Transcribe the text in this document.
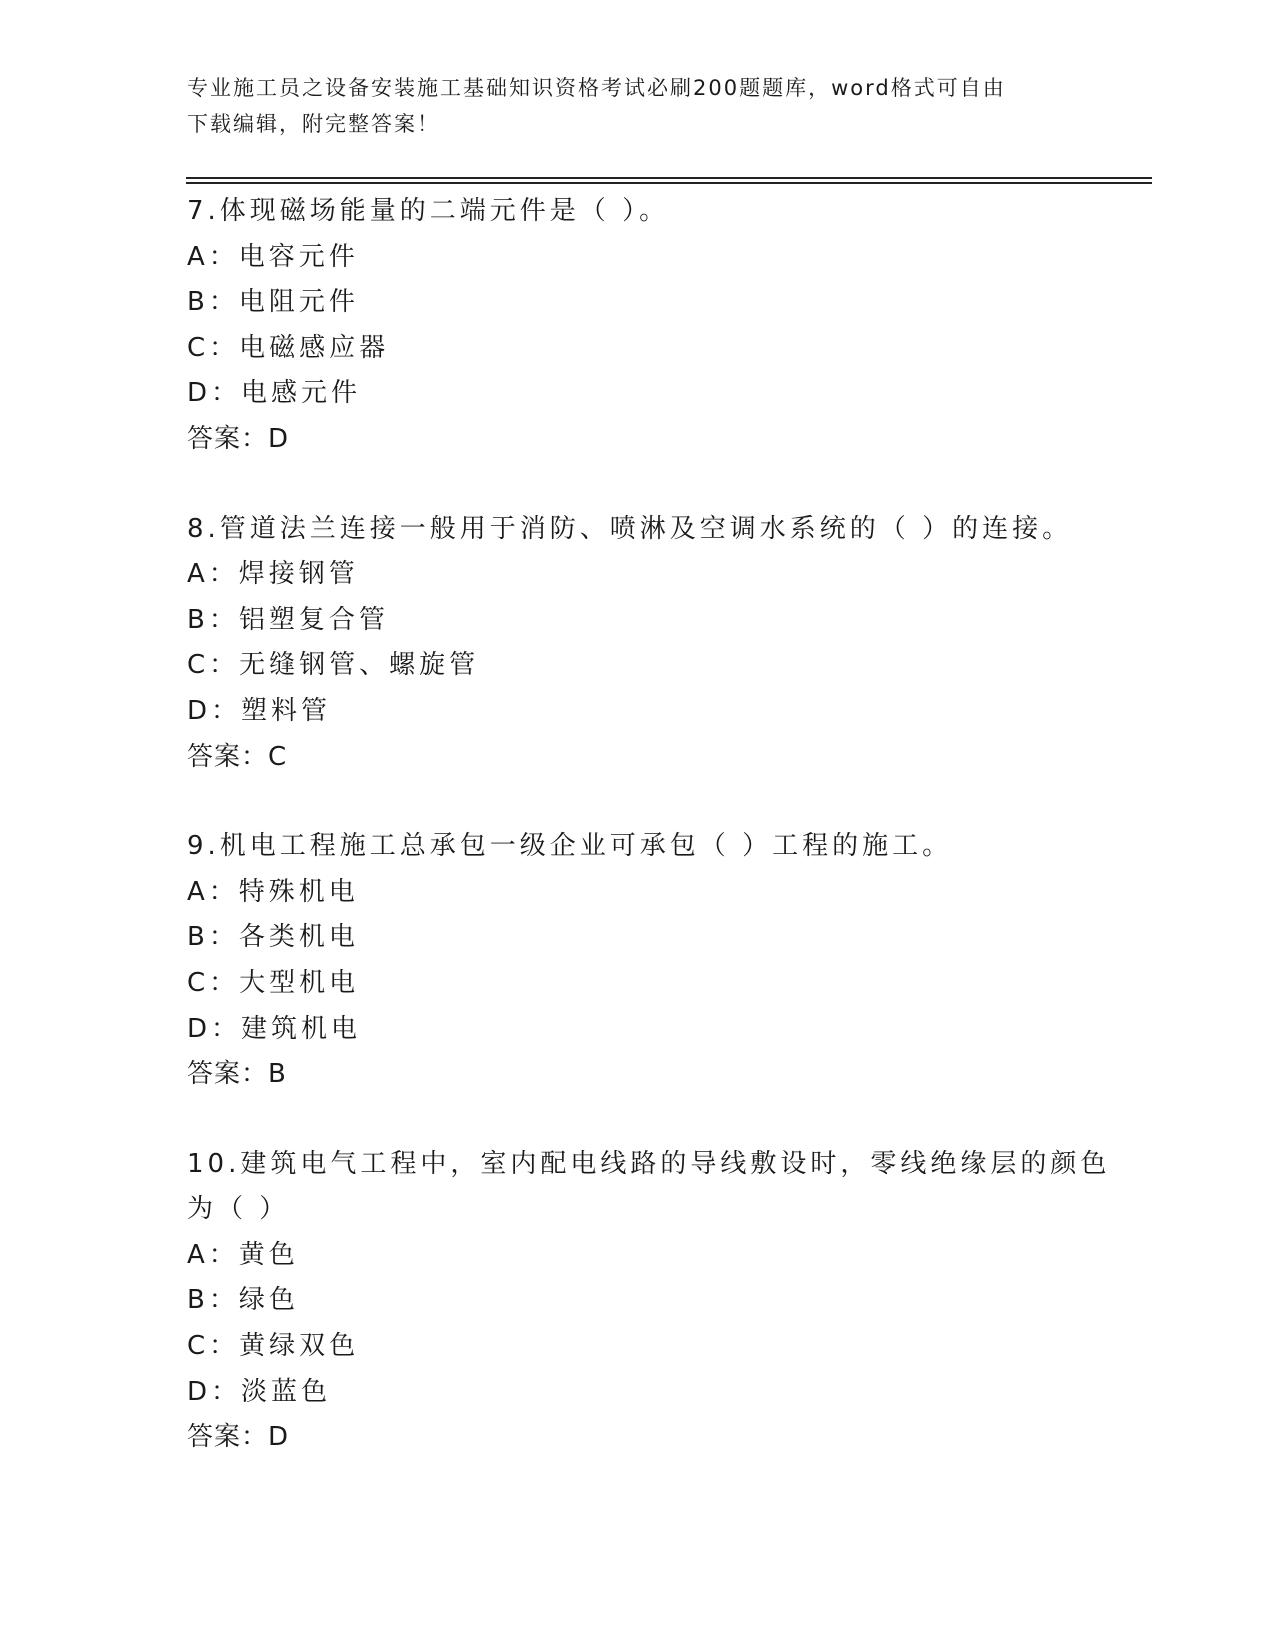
专业施工员之设备安装施工基础知识资格考试必刷200题题库，word格式可自由
下载编辑，附完整答案！
7.体现磁场能量的二端元件是（ ）。
A：电容元件
B：电阻元件
C：电磁感应器
D：电感元件
答案：D
8.管道法兰连接一般用于消防、喷淋及空调水系统的（ ）的连接。
A：焊接钢管
B：铝塑复合管
C：无缝钢管、螺旋管
D：塑料管
答案：C
9.机电工程施工总承包一级企业可承包（ ）工程的施工。
A：特殊机电
B：各类机电
C：大型机电
D：建筑机电
答案：B
10.建筑电气工程中，室内配电线路的导线敷设时，零线绝缘层的颜色
为（ ）
A：黄色
B：绿色
C：黄绿双色
D：淡蓝色
答案：D
